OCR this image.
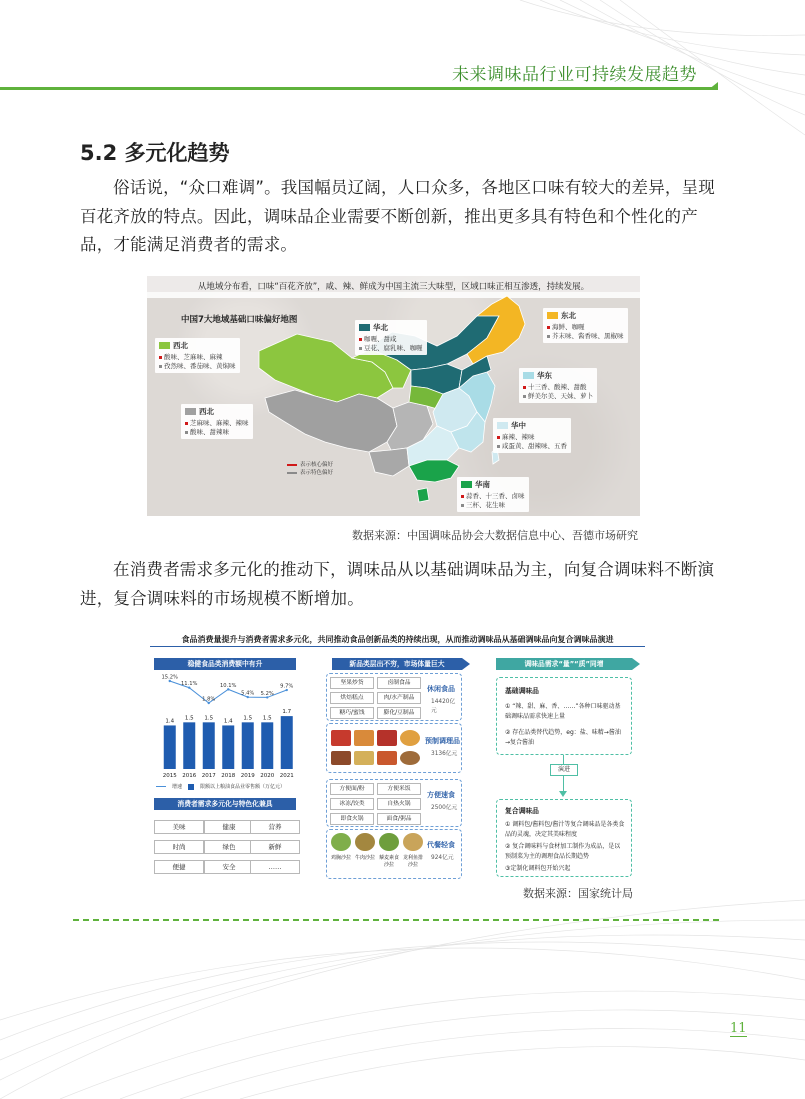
未来调味品行业可持续发展趋势
5.2 多元化趋势
俗话说，“众口难调”。我国幅员辽阔，人口众多，各地区口味有较大的差异，呈现百花齐放的特点。因此，调味品企业需要不断创新，推出更多具有特色和个性化的产品，才能满足消费者的需求。
从地域分布看，口味“百花齐放”，咸、辣、鲜成为中国主流三大味型，区域口味正相互渗透，持续发展。
中国7大地域基础口味偏好地图
西北
酸味、芝麻味、麻辣
孜然味、番茄味、黄焖味
华北
咖喱、甜咸
豆花、腐乳味、咖喱
东北
海鲜、咖喱
芥末味、酱香味、黑椒味
华东
十三香、酸辣、甜酸
鲜美尔美、天妹、萝卜
西北
芝麻味、麻辣、辣味
酸味、甜辣味
华中
麻辣、辣味
咸蛋黄、甜辣味、五香
华南
蒜香、十三香、卤味
三杯、花生味
表示核心偏好
表示特色偏好
数据来源：中国调味品协会大数据信息中心、吾德市场研究
在消费者需求多元化的推动下，调味品从以基础调味品为主，向复合调味料不断演进，复合调味料的市场规模不断增加。
食品消费量提升与消费者需求多元化，共同推动食品创新品类的持续出现，从而推动调味品从基础调味品向复合调味品演进
稳健食品类消费额中有升	新品类层出不穷，市场体量巨大	调味品需求“量”“质”同增
1.4
2015
1.5
2016
1.5
2017
1.4
2018
1.5
2019
1.5
2020
1.7
2021
15.2%
11.1%
1.8%
10.1%
5.4% 5.2%
9.7%
增速	限额以上粮油食品业零售额（万亿元）
消费者需求多元化与特色化兼具
美味	健康	营养
时尚	绿色	新鲜
便捷	安全	……
坚果炒货	卤制食品
烘焙糕点	肉/水产制品
糖巧/蜜饯	膨化/豆制品
休闲食品
14420亿元
预制调理品
3136亿元
方便面/粉	方便米饭
冰冻/饺类	自热火锅
即食火锅	面食/粥品
方便速食
2500亿元
鸡胸沙拉 牛肉沙拉 藜麦素食沙拉
龙利鱼排沙拉
代餐轻食
924亿元
基础调味品
① “辣、甜、麻、香、……”各种口味驱动基础调味品需求快速上量
② 存在品类替代趋势，eg：盐、味精→酱油→复合酱油
演进
复合调味品
① 调料包/酱料包/酱汁等复合调味品是各类食品的灵魂，决定其美味程度
② 复合调味料与食材加工制作为成品，是以预制菜为主的调理食品长期趋势
③定制化调料包开始兴起
数据来源：国家统计局
11
